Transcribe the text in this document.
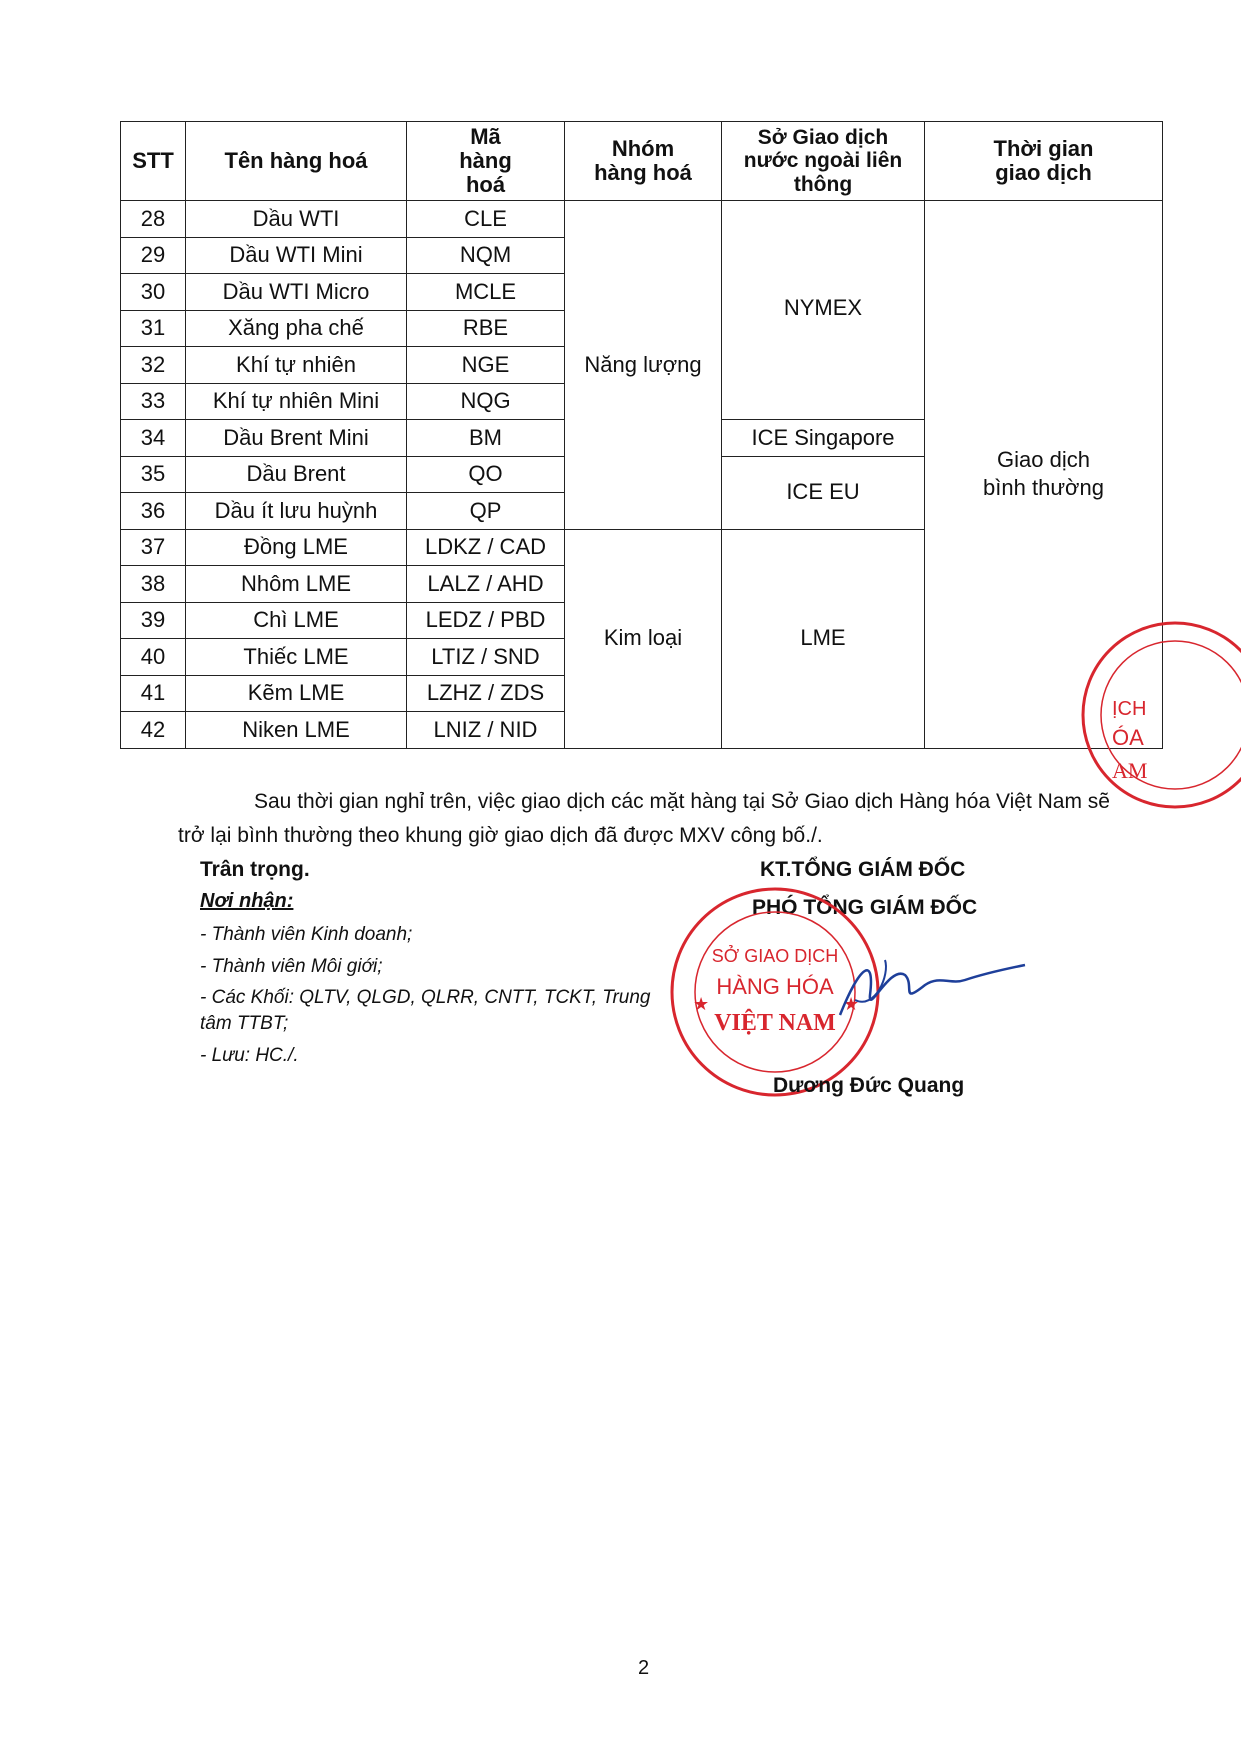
STT	Tên hàng hoá	Mã hàng hoá	Nhóm hàng hoá	Sở Giao dịch nước ngoài liên thông	Thời gian giao dịch

28	Dầu WTI	CLE	Năng lượng	NYMEX	Giao dịch bình thường

29	Dầu WTI Mini	NQM			
30	Dầu WTI Micro	MCLE			
31	Xăng pha chế	RBE			
32	Khí tự nhiên	NGE			
33	Khí tự nhiên Mini	NQG			
34	Dầu Brent Mini	BM		ICE Singapore	
35	Dầu Brent	QO		ICE EU	
36	Dầu ít lưu huỳnh	QP			
37	Đồng LME	LDKZ / CAD	Kim loại	LME	
38	Nhôm LME	LALZ / AHD			
39	Chì LME	LEDZ / PBD			
40	Thiếc LME	LTIZ / SND			
41	Kẽm LME	LZHZ / ZDS			
42	Niken LME	LNIZ / NID			
ỊCH
ÓA
AM
Sau thời gian nghỉ trên, việc giao dịch các mặt hàng tại Sở Giao dịch Hàng hóa Việt Nam sẽ trở lại bình thường theo khung giờ giao dịch đã được MXV công bố./.
Trân trọng.
Nơi nhận:
- Thành viên Kinh doanh;
- Thành viên Môi giới;
- Các Khối: QLTV, QLGD, QLRR, CNTT, TCKT, Trung tâm TTBT;
- Lưu: HC./.
KT.TỔNG GIÁM ĐỐC
PHÓ TỔNG GIÁM ĐỐC
SỞ GIAO DỊCH
HÀNG HÓA
VIỆT NAM
★	★
Dương Đức Quang
2
